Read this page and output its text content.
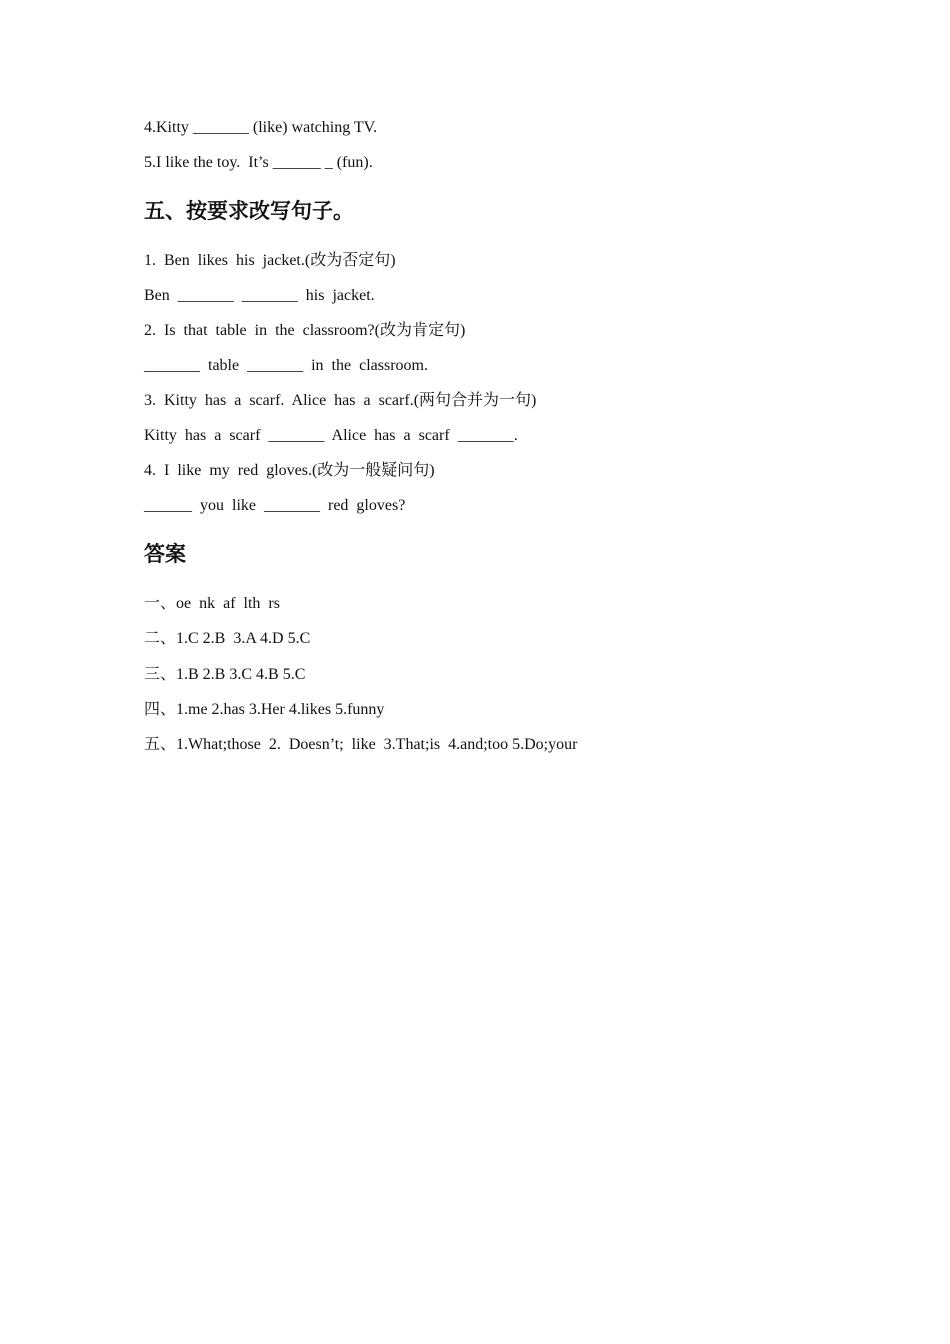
4.Kitty _______ (like) watching TV.
5.I like the toy.  It’s ______ _ (fun).
五、按要求改写句子。
1.  Ben  likes  his  jacket.(改为否定句)
Ben  _______  _______  his  jacket.
2.  Is  that  table  in  the  classroom?(改为肯定句)
_______  table  _______  in  the  classroom.
3.  Kitty  has  a  scarf.  Alice  has  a  scarf.(两句合并为一句)
Kitty  has  a  scarf  _______  Alice  has  a  scarf  _______.
4.  I  like  my  red  gloves.(改为一般疑问句)
______  you  like  _______  red  gloves?
答案
一、oe  nk  af  lth  rs
二、1.C 2.B  3.A 4.D 5.C
三、1.B 2.B 3.C 4.B 5.C
四、1.me 2.has 3.Her 4.likes 5.funny
五、1.What;those  2.  Doesn’t;  like  3.That;is  4.and;too 5.Do;your
